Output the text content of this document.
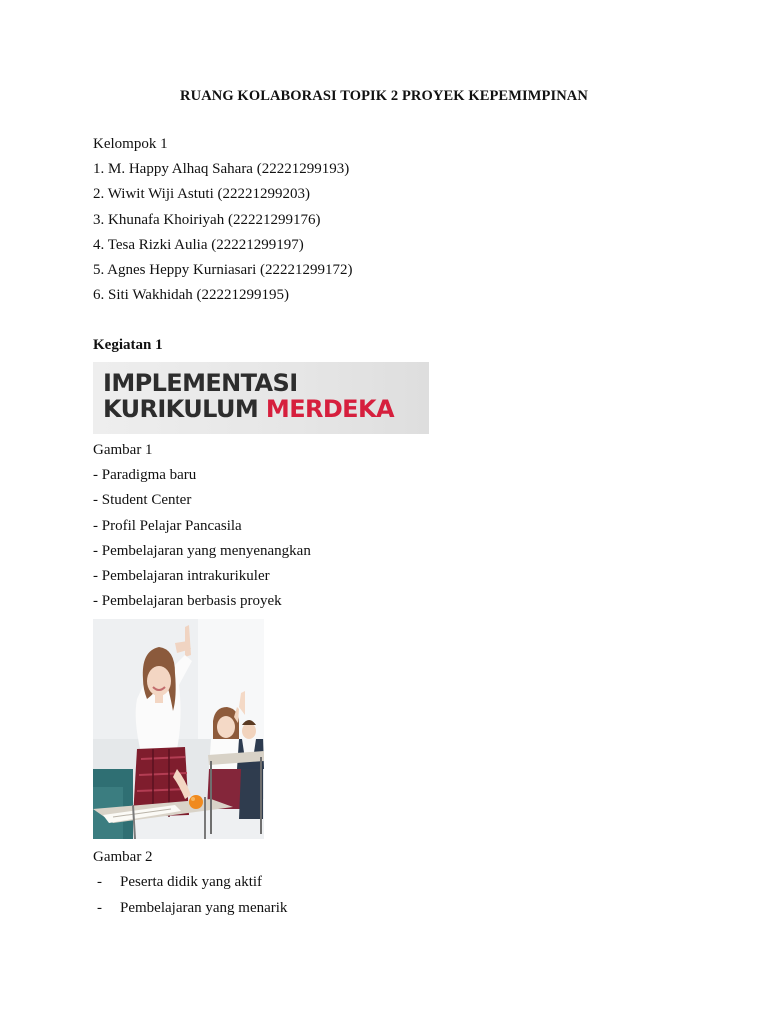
RUANG KOLABORASI TOPIK 2 PROYEK KEPEMIMPINAN
Kelompok 1
1. M. Happy Alhaq Sahara (22221299193)
2. Wiwit Wiji Astuti (22221299203)
3. Khunafa Khoiriyah (22221299176)
4. Tesa Rizki Aulia (22221299197)
5. Agnes Heppy Kurniasari (22221299172)
6. Siti Wakhidah (22221299195)
Kegiatan 1
IMPLEMENTASI
KURIKULUM MERDEKA
Gambar 1
- Paradigma baru
- Student Center
- Profil Pelajar Pancasila
- Pembelajaran yang menyenangkan
- Pembelajaran intrakurikuler
- Pembelajaran berbasis proyek
Gambar 2
- Peserta didik yang aktif
- Pembelajaran yang menarik
